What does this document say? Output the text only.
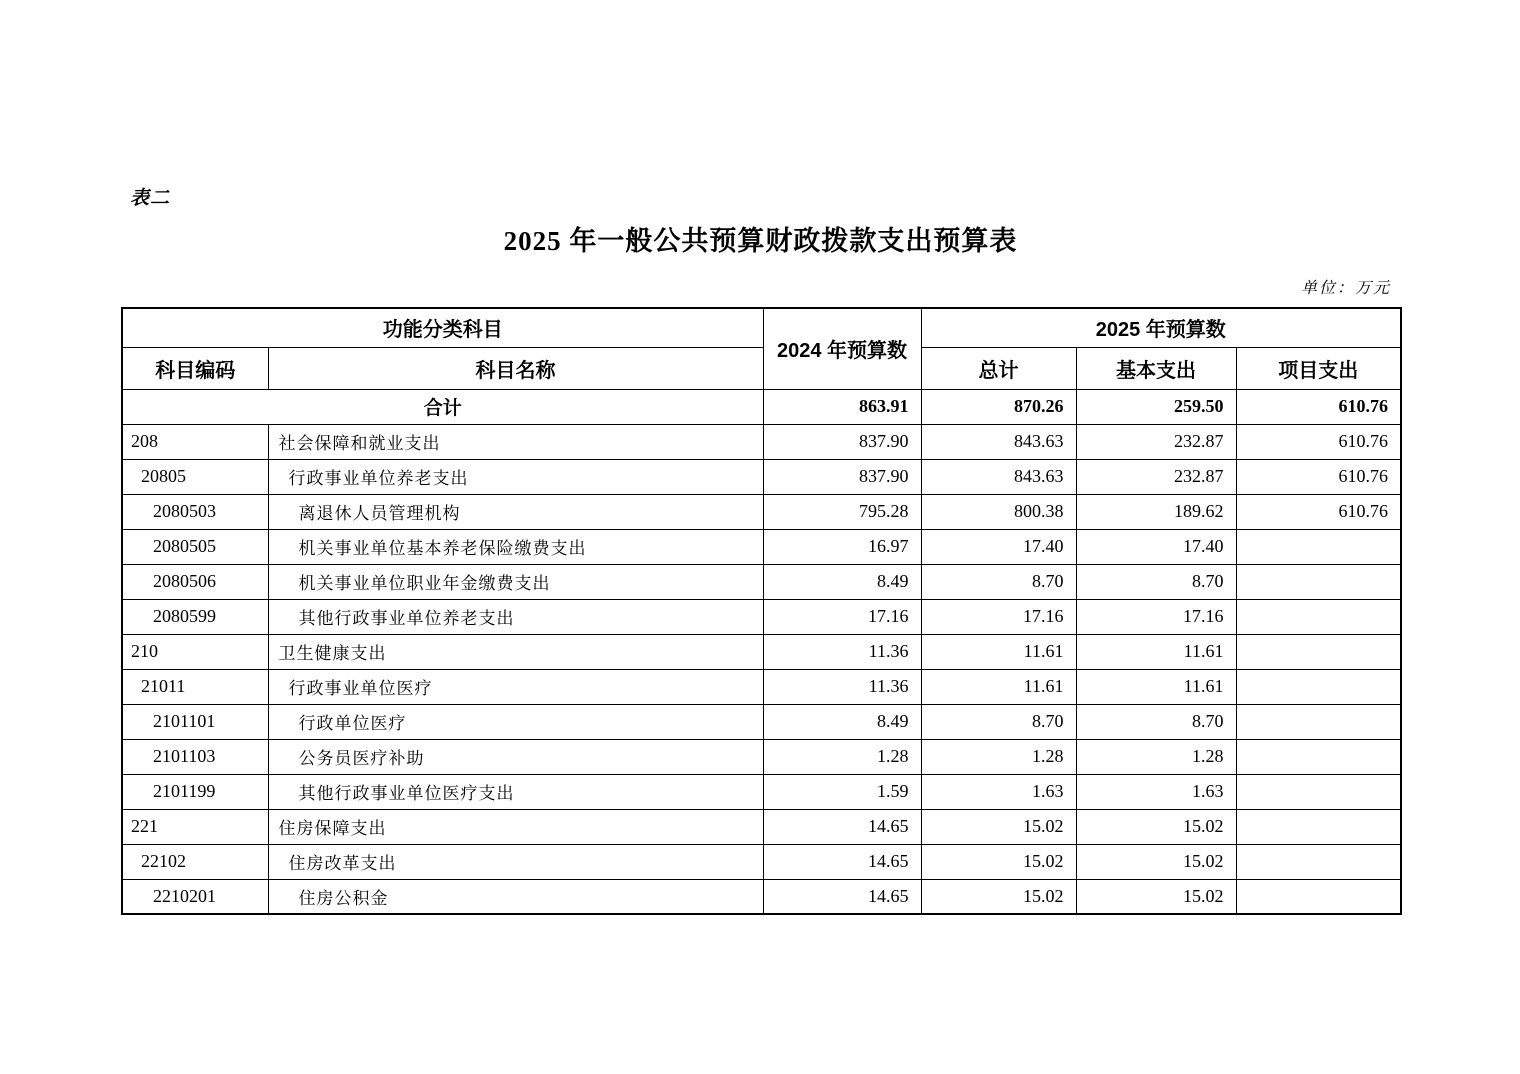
表二
2025 年一般公共预算财政拨款支出预算表
单位：万元
功能分类科目		2024 年预算数	2025 年预算数		
科目编码	科目名称		总计	基本支出	项目支出
合计		863.91	870.26	259.50	610.76
208	社会保障和就业支出	837.90	843.63	232.87	610.76
20805	行政事业单位养老支出	837.90	843.63	232.87	610.76
2080503	离退休人员管理机构	795.28	800.38	189.62	610.76
2080505	机关事业单位基本养老保险缴费支出	16.97	17.40	17.40	
2080506	机关事业单位职业年金缴费支出	8.49	8.70	8.70	
2080599	其他行政事业单位养老支出	17.16	17.16	17.16	
210	卫生健康支出	11.36	11.61	11.61	
21011	行政事业单位医疗	11.36	11.61	11.61	
2101101	行政单位医疗	8.49	8.70	8.70	
2101103	公务员医疗补助	1.28	1.28	1.28	
2101199	其他行政事业单位医疗支出	1.59	1.63	1.63	
221	住房保障支出	14.65	15.02	15.02	
22102	住房改革支出	14.65	15.02	15.02	
2210201	住房公积金	14.65	15.02	15.02	
